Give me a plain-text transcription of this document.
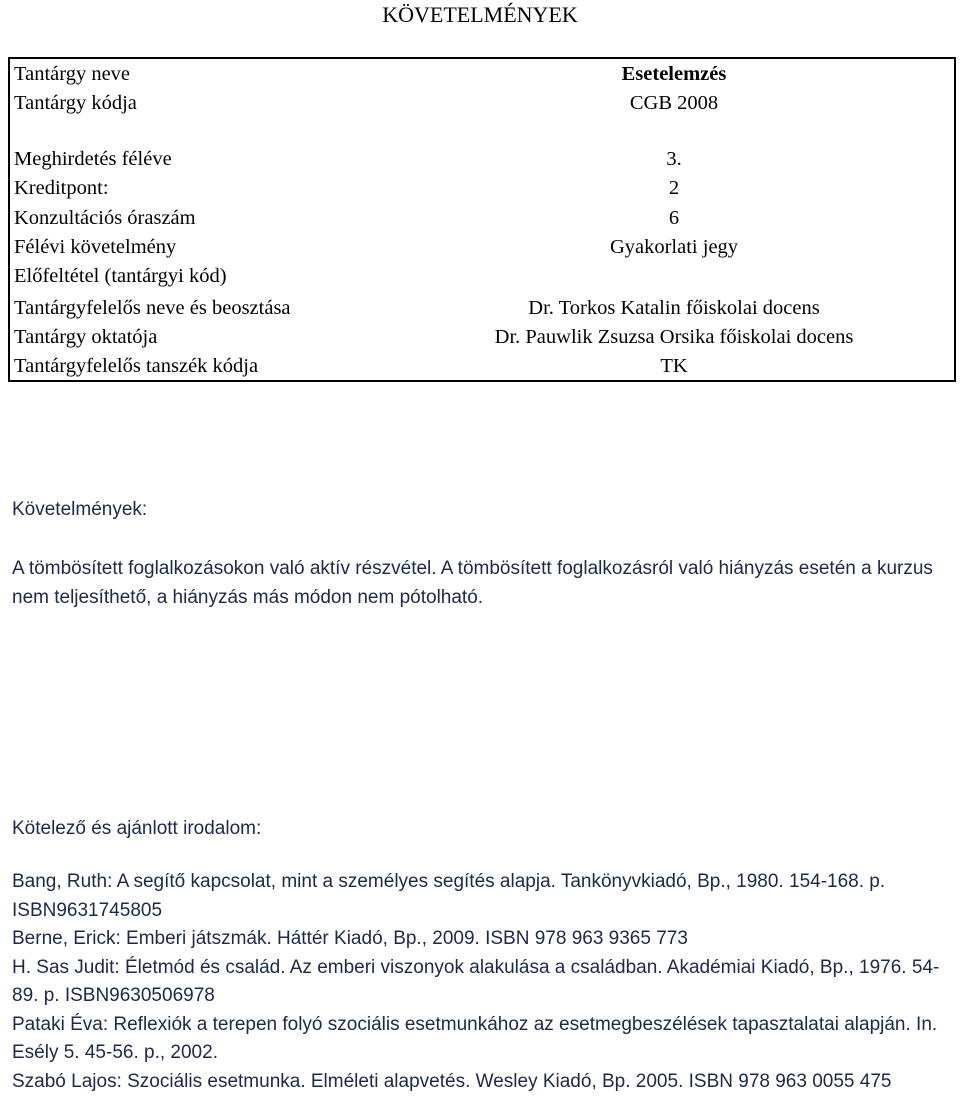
KÖVETELMÉNYEK
Tantárgy neve	Esetelemzés
Tantárgy kódja	CGB 2008
Meghirdetés féléve	3.
Kreditpont:	2
Konzultációs óraszám	6
Félévi követelmény	Gyakorlati jegy
Előfeltétel (tantárgyi kód)
Tantárgyfelelős neve és beosztása	Dr. Torkos Katalin főiskolai docens
Tantárgy oktatója	Dr. Pauwlik Zsuzsa Orsika főiskolai docens
Tantárgyfelelős tanszék kódja	TK
Követelmények:
A tömbösített foglalkozásokon való aktív részvétel. A tömbösített foglalkozásról való hiányzás esetén a kurzus nem teljesíthető, a hiányzás más módon nem pótolható.
Kötelező és ajánlott irodalom:
Bang, Ruth: A segítő kapcsolat, mint a személyes segítés alapja. Tankönyvkiadó, Bp., 1980. 154-168. p. ISBN9631745805
Berne, Erick: Emberi játszmák. Háttér Kiadó, Bp., 2009. ISBN 978 963 9365 773
H. Sas Judit: Életmód és család. Az emberi viszonyok alakulása a családban. Akadémiai Kiadó, Bp., 1976. 54-89. p. ISBN9630506978
Pataki Éva: Reflexiók a terepen folyó szociális esetmunkához az esetmegbeszélések tapasztalatai alapján. In. Esély 5. 45-56. p., 2002.
Szabó Lajos: Szociális esetmunka. Elméleti alapvetés. Wesley Kiadó, Bp. 2005. ISBN 978 963 0055 475
